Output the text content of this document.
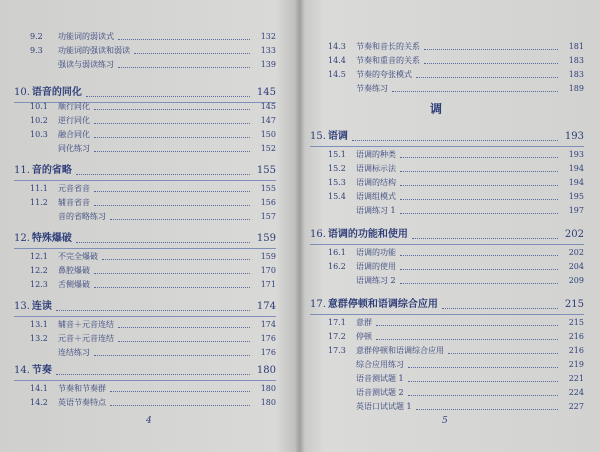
4
9.2 功能词的弱读式	132
9.3 功能词的强读和弱读	133
强读与弱读练习	139
10. 语音的同化	145
10.1 顺行同化	145
10.2 逆行同化	147
10.3 融合同化	150
同化练习	152
11. 音的省略	155
11.1 元音省音	155
11.2 辅音省音	156
音的省略练习	157
12. 特殊爆破	159
12.1 不完全爆破	159
12.2 鼻腔爆破	170
12.3 舌侧爆破	171
13. 连读	174
13.1 辅音＋元音连结	174
13.2 元音＋元音连结	176
连结练习	176
14. 节奏	180
14.1 节奏和节奏群	180
14.2 英语节奏特点	180
调
5
14.3 节奏和音长的关系	181
14.4 节奏和重音的关系	183
14.5 节奏的夸张模式	183
节奏练习	189
15. 语调	193
15.1 语调的种类	193
15.2 语调标示法	194
15.3 语调的结构	194
15.4 语调组模式	195
语调练习 1	197
16. 语调的功能和使用	202
16.1 语调的功能	202
16.2 语调的使用	204
语调练习 2	209
17. 意群停顿和语调综合应用	215
17.1 意群	215
17.2 停顿	216
17.3 意群停顿和语调综合应用	216
综合应用练习	219
语音测试题 1	221
语音测试题 2	224
英语口试试题 1	227
